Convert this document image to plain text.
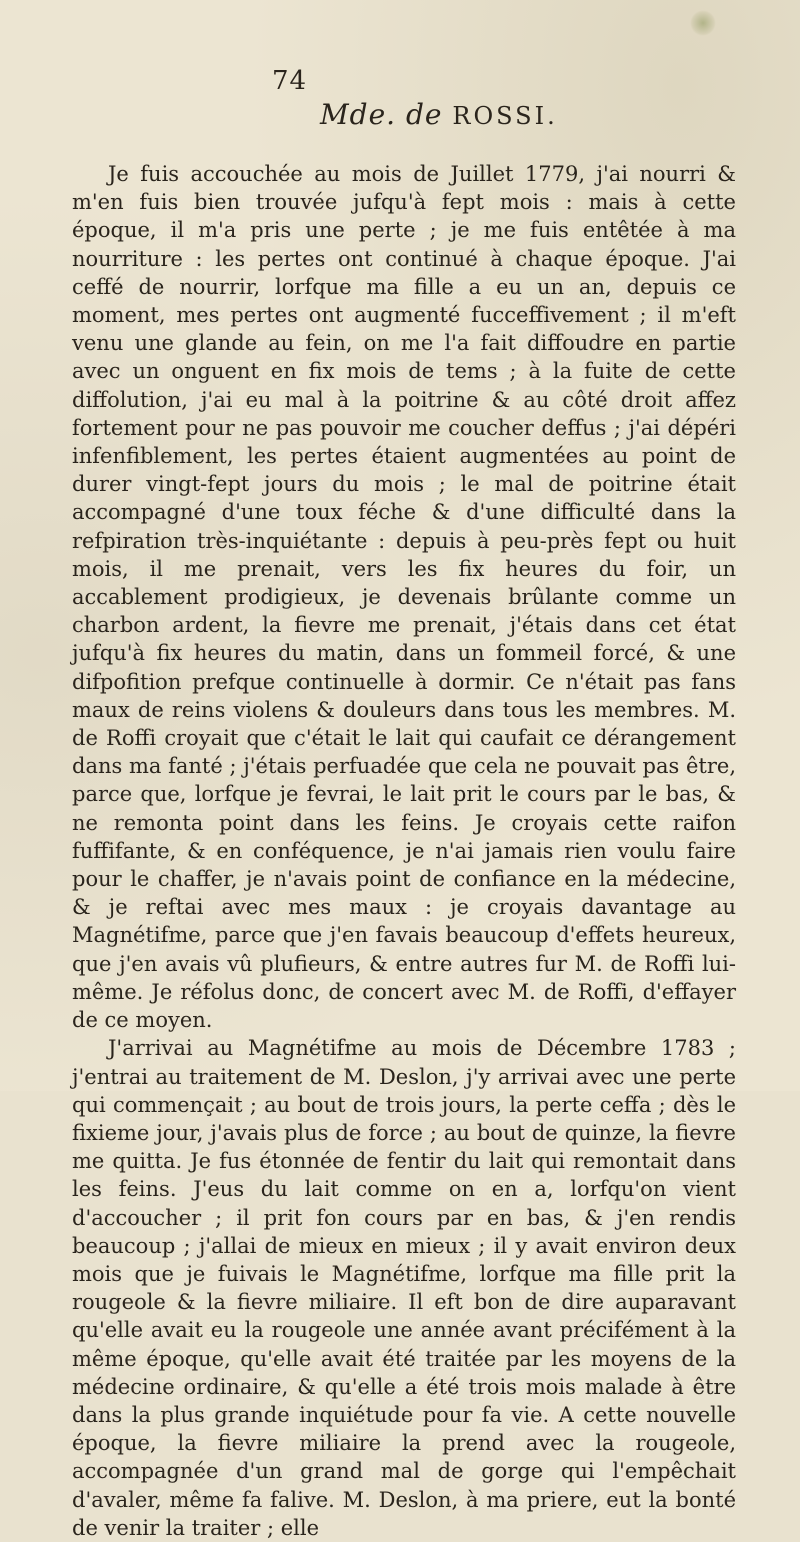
74
Mde. de ROSSI.

Je fuis accouchée au mois de Juillet 1779, j'ai nourri & m'en fuis bien trouvée jufqu'à fept mois : mais à cette époque, il m'a pris une perte ; je me fuis entêtée à ma nourriture : les pertes ont continué à chaque époque. J'ai ceffé de nourrir, lorfque ma fille a eu un an, depuis ce moment, mes pertes ont augmenté fucceffivement ; il m'eft venu une glande au fein, on me l'a fait diffoudre en partie avec un onguent en fix mois de tems ; à la fuite de cette diffolution, j'ai eu mal à la poitrine & au côté droit affez fortement pour ne pas pouvoir me coucher deffus ; j'ai dépéri infenfiblement, les pertes étaient augmentées au point de durer vingt-fept jours du mois ; le mal de poitrine était accompagné d'une toux féche & d'une difficulté dans la refpiration très-inquiétante : depuis à peu-près fept ou huit mois, il me prenait, vers les fix heures du foir, un accablement prodigieux, je devenais brûlante comme un charbon ardent, la fievre me prenait, j'étais dans cet état jufqu'à fix heures du matin, dans un fommeil forcé, & une difpofition prefque continuelle à dormir. Ce n'était pas fans maux de reins violens & douleurs dans tous les membres. M. de Roffi croyait que c'était le lait qui caufait ce dérangement dans ma fanté ; j'étais perfuadée que cela ne pouvait pas être, parce que, lorfque je fevrai, le lait prit le cours par le bas, & ne remonta point dans les feins. Je croyais cette raifon fuffifante, & en conféquence, je n'ai jamais rien voulu faire pour le chaffer, je n'avais point de confiance en la médecine, & je reftai avec mes maux : je croyais davantage au Magnétifme, parce que j'en favais beaucoup d'effets heureux, que j'en avais vû plufieurs, & entre autres fur M. de Roffi lui-même. Je réfolus donc, de concert avec M. de Roffi, d'effayer de ce moyen.

J'arrivai au Magnétifme au mois de Décembre 1783 ; j'entrai au traitement de M. Deslon, j'y arrivai avec une perte qui commençait ; au bout de trois jours, la perte ceffa ; dès le fixieme jour, j'avais plus de force ; au bout de quinze, la fievre me quitta. Je fus étonnée de fentir du lait qui remontait dans les feins. J'eus du lait comme on en a, lorfqu'on vient d'accoucher ; il prit fon cours par en bas, & j'en rendis beaucoup ; j'allai de mieux en mieux ; il y avait environ deux mois que je fuivais le Magnétifme, lorfque ma fille prit la rougeole & la fievre miliaire. Il eft bon de dire auparavant qu'elle avait eu la rougeole une année avant précifément à la même époque, qu'elle avait été traitée par les moyens de la médecine ordinaire, & qu'elle a été trois mois malade à être dans la plus grande inquiétude pour fa vie. A cette nouvelle époque, la fievre miliaire la prend avec la rougeole, accompagnée d'un grand mal de gorge qui l'empêchait d'avaler, même fa falive. M. Deslon, à ma priere, eut la bonté de venir la traiter ; elle
